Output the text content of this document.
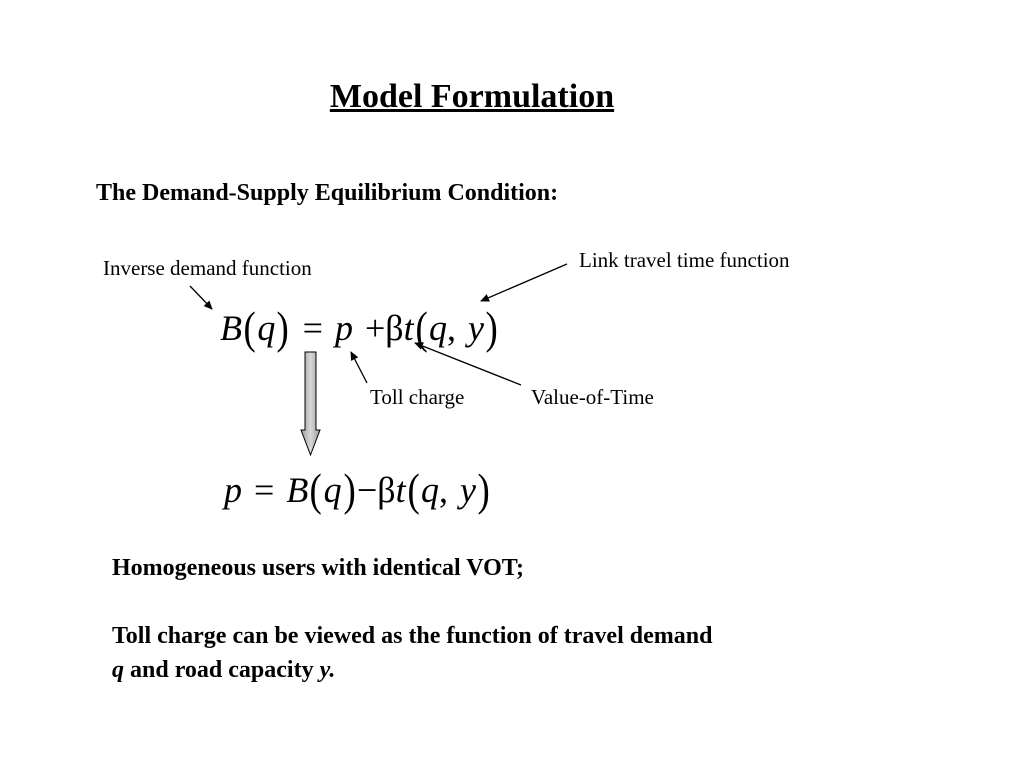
Model Formulation
The Demand-Supply Equilibrium Condition:
Inverse demand function	Link travel time function
Toll charge	Value-of-Time
B ( q ) = p + β t ( q , y )
p = B ( q ) − β t ( q , y )
Homogeneous users with identical VOT;
Toll charge can be viewed as the function of travel demand
q and road capacity y.
